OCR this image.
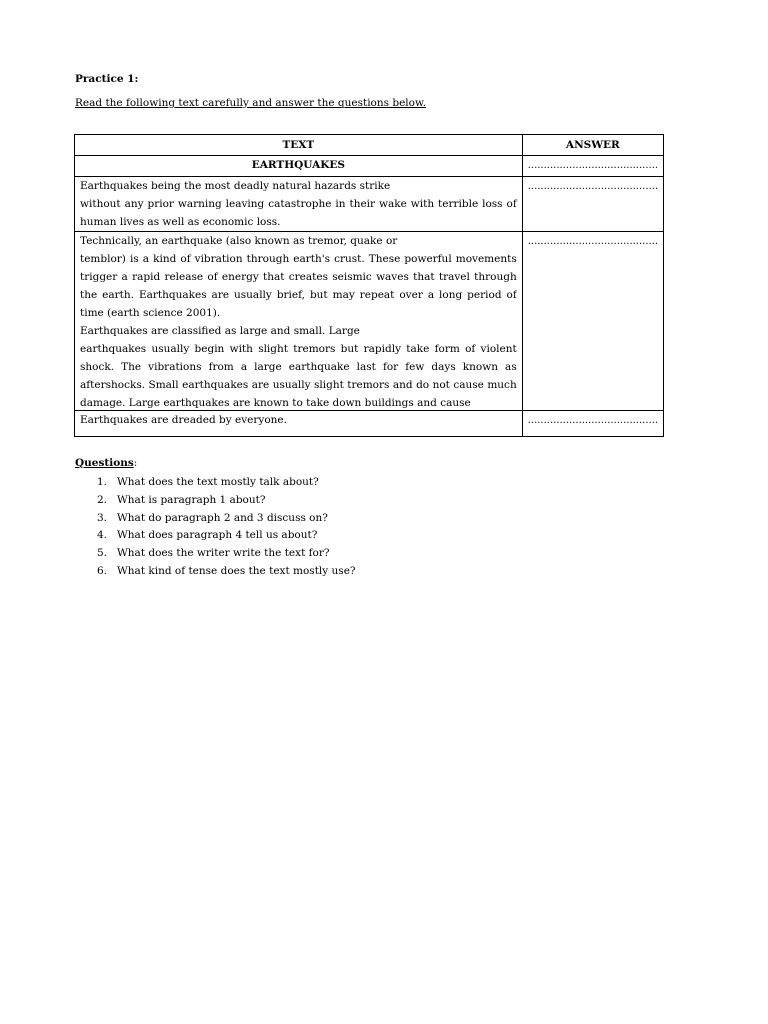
Practice 1:

Read the following text carefully and answer the questions below.

TEXT	ANSWER
EARTHQUAKES	.........................................

Earthquakes being the most deadly natural hazards strike

without any prior warning leaving catastrophe in their wake with terrible loss of human lives as well as economic loss.	.........................................

Technically, an earthquake (also known as tremor, quake or

temblor) is a kind of vibration through earth's crust. These powerful movements trigger a rapid release of energy that creates seismic waves that travel through the earth. Earthquakes are usually brief, but may repeat over a long period of time (earth science 2001).

Earthquakes are classified as large and small. Large

earthquakes usually begin with slight tremors but rapidly take form of violent shock. The vibrations from a large earthquake last for few days known as aftershocks. Small earthquakes are usually slight tremors and do not cause much damage. Large earthquakes are known to take down buildings and cause	.........................................
Earthquakes are dreaded by everyone.	.........................................

Questions:

1. What does the text mostly talk about?
2. What is paragraph 1 about?
3. What do paragraph 2 and 3 discuss on?
4. What does paragraph 4 tell us about?
5. What does the writer write the text for?
6. What kind of tense does the text mostly use?
